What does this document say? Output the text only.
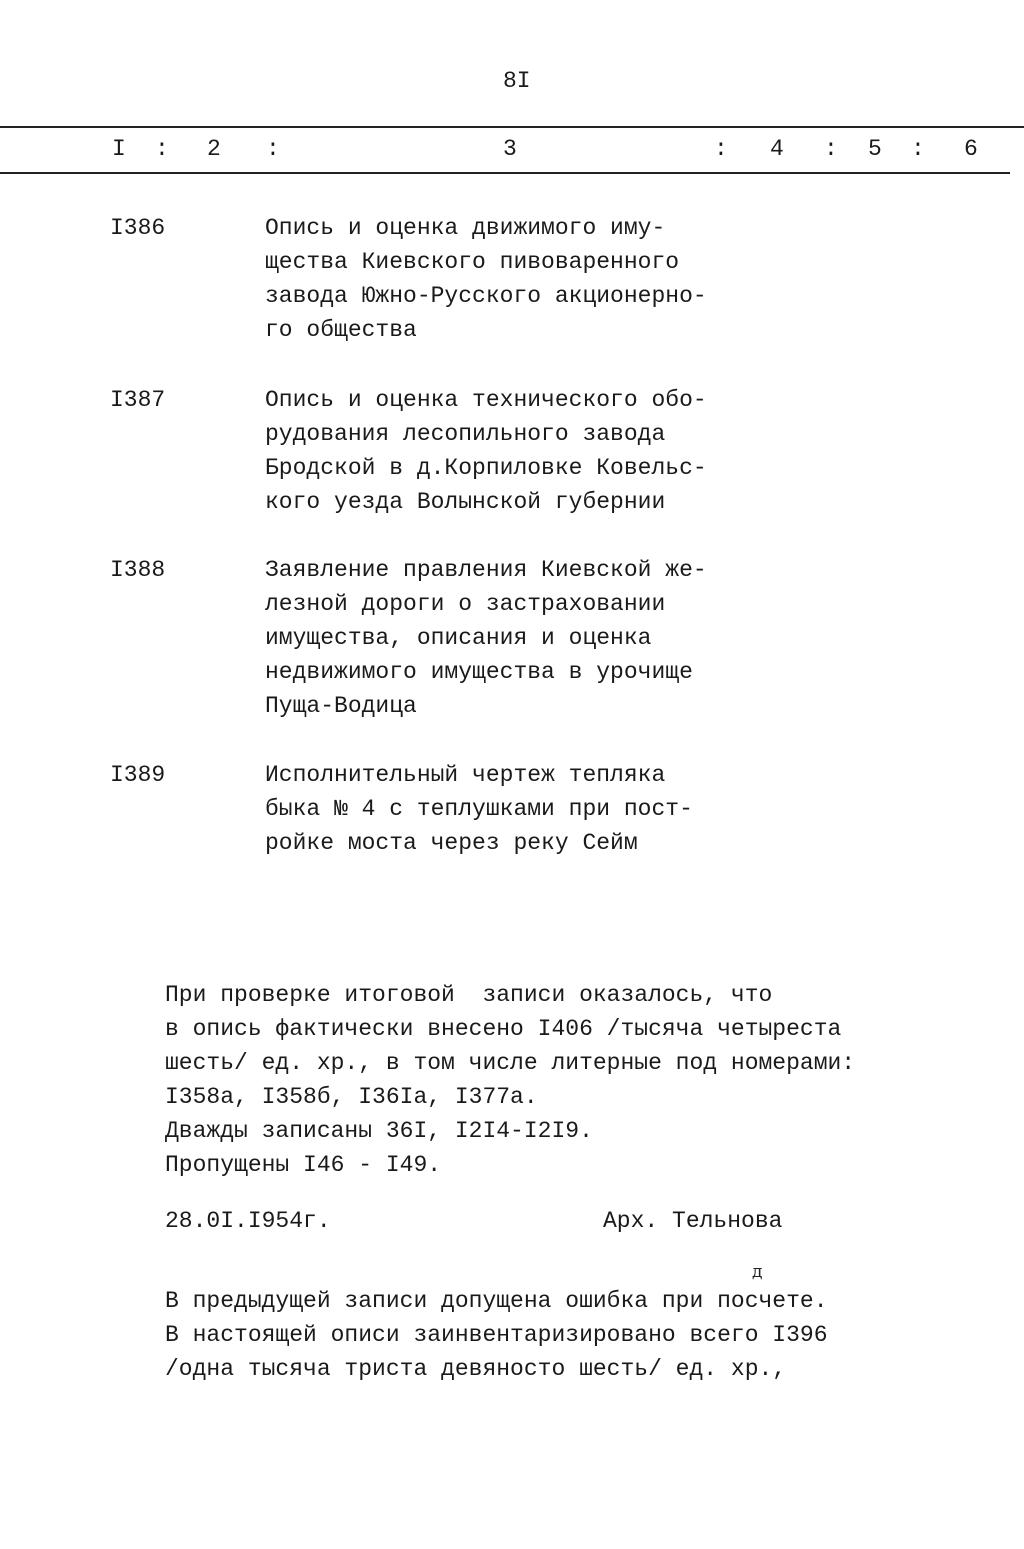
8I
I : 2 :	3	: 4 : 5 : 6
I386	Опись и оценка движимого иму-
щества Киевского пивоваренного
завода Южно-Русского акционерно-
го общества
I387	Опись и оценка технического обо-
рудования лесопильного завода
Бродской в д.Корпиловке Ковельс-
кого уезда Волынской губернии
I388	Заявление правления Киевской же-
лезной дороги о застраховании
имущества, описания и оценка
недвижимого имущества в урочище
Пуща-Водица
I389	Исполнительный чертеж тепляка
быка № 4 с теплушками при пост-
ройке моста через реку Сейм
При проверке итоговой  записи оказалось, что
в опись фактически внесено I406 /тысяча четыреста
шесть/ ед. хр., в том числе литерные под номерами:
I358а, I358б, I36Iа, I377а.
Дважды записаны 36I, I2I4-I2I9.
Пропущены I46 - I49.
28.0I.I954г.	Арх. Тельнова
д
В предыдущей записи допущена ошибка при посчете.
В настоящей описи заинвентаризировано всего I396
/одна тысяча триста девяносто шесть/ ед. хр.,
